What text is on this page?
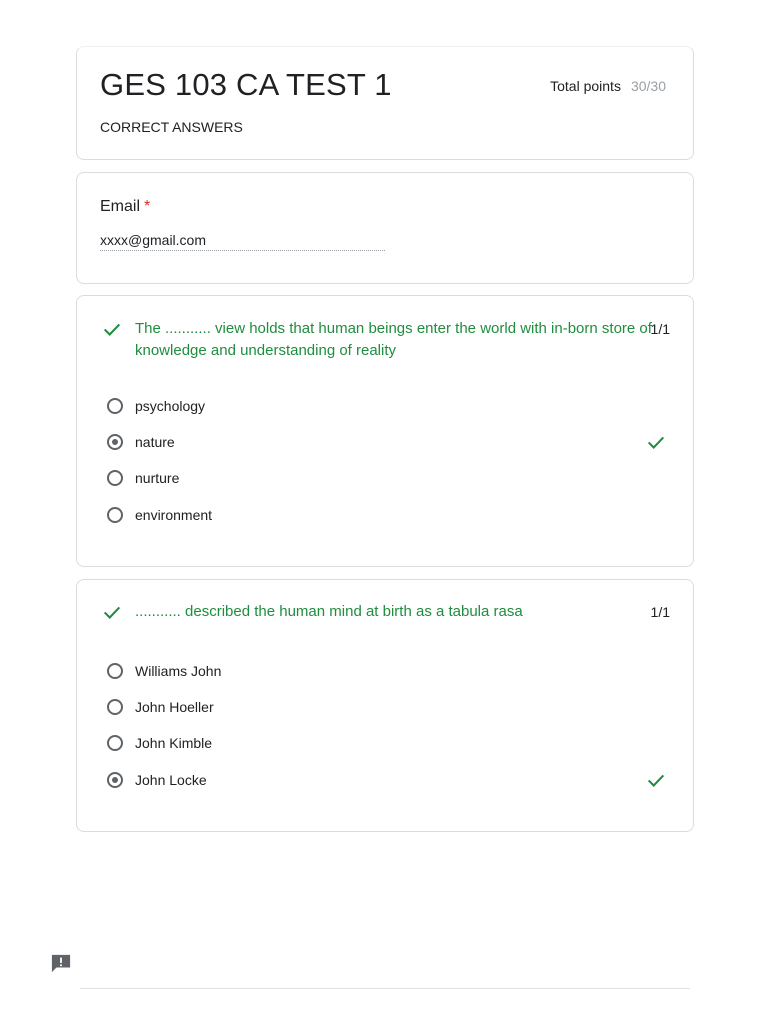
GES 103 CA TEST 1	Total points 30/30
CORRECT ANSWERS
Email *
xxxx@gmail.com
The ........... view holds that human beings enter the world with in-born store of knowledge and understanding of reality
1/1
psychology
nature
nurture
environment
........... described the human mind at birth as a tabula rasa	1/1
Williams John
John Hoeller
John Kimble
John Locke
